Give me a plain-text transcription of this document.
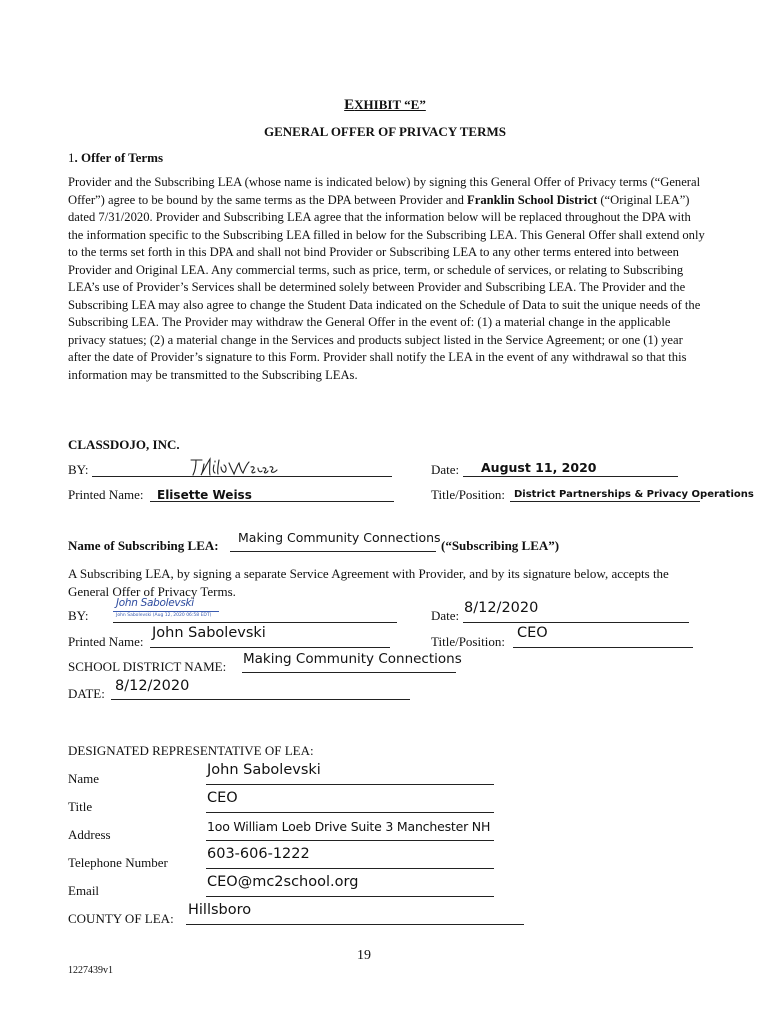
EXHIBIT “E”
GENERAL OFFER OF PRIVACY TERMS
1. Offer of Terms
Provider and the Subscribing LEA (whose name is indicated below) by signing this General Offer of Privacy terms (“General Offer”) agree to be bound by the same terms as the DPA between Provider and Franklin School District (“Original LEA”) dated 7/31/2020. Provider and Subscribing LEA agree that the information below will be replaced throughout the DPA with the information specific to the Subscribing LEA filled in below for the Subscribing LEA. This General Offer shall extend only to the terms set forth in this DPA and shall not bind Provider or Subscribing LEA to any other terms entered into between Provider and Original LEA. Any commercial terms, such as price, term, or schedule of services, or relating to Subscribing LEA’s use of Provider’s Services shall be determined solely between Provider and Subscribing LEA. The Provider and the Subscribing LEA may also agree to change the Student Data indicated on the Schedule of Data to suit the unique needs of the Subscribing LEA. The Provider may withdraw the General Offer in the event of: (1) a material change in the applicable privacy statues; (2) a material change in the Services and products subject listed in the Service Agreement; or one (1) year after the date of Provider’s signature to this Form. Provider shall notify the LEA in the event of any withdrawal so that this information may be transmitted to the Subscribing LEAs.
CLASSDOJO, INC.
BY:	Date: August 11, 2020
Printed Name: Elisette Weiss	Title/Position: District Partnerships & Privacy Operations
Name of Subscribing LEA:
Making Community Connections
(“Subscribing LEA”)
A Subscribing LEA, by signing a separate Service Agreement with Provider, and by its signature below, accepts the General Offer of Privacy Terms.
BY:
John Sabolevski
John Sabolevski (Aug 12, 2020 06:58 EDT)	Date: 8/12/2020
Printed Name:
John Sabolevski
Title/Position:
CEO
SCHOOL DISTRICT NAME: Making Community Connections
DATE: 8/12/2020
DESIGNATED REPRESENTATIVE OF LEA:
Name
John Sabolevski
Title
CEO
Address
1oo William Loeb Drive Suite 3 Manchester NH
Telephone Number
603-606-1222
Email
CEO@mc2school.org
COUNTY OF LEA:
Hillsboro
19
1227439v1
